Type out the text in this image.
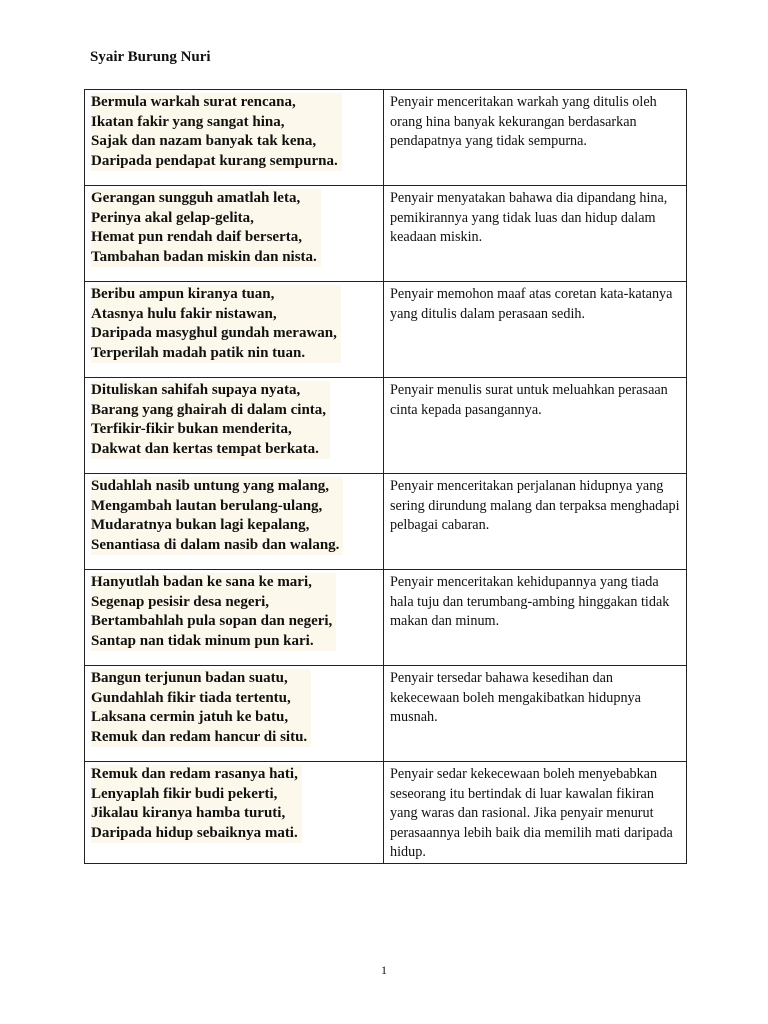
Syair Burung Nuri
Bermula warkah surat rencana,
Ikatan fakir yang sangat hina,
Sajak dan nazam banyak tak kena,
Daripada pendapat kurang sempurna.	Penyair menceritakan warkah yang ditulis oleh orang hina banyak kekurangan berdasarkan pendapatnya yang tidak sempurna.

Gerangan sungguh amatlah leta,
Perinya akal gelap-gelita,
Hemat pun rendah daif berserta,
Tambahan badan miskin dan nista.	Penyair menyatakan bahawa dia dipandang hina, pemikirannya yang tidak luas dan hidup dalam keadaan miskin.

Beribu ampun kiranya tuan,
Atasnya hulu fakir nistawan,
Daripada masyghul gundah merawan,
Terperilah madah patik nin tuan.	Penyair memohon maaf atas coretan kata-katanya yang ditulis dalam perasaan sedih.

Dituliskan sahifah supaya nyata,
Barang yang ghairah di dalam cinta,
Terfikir-fikir bukan menderita,
Dakwat dan kertas tempat berkata.	Penyair menulis surat untuk meluahkan perasaan cinta kepada pasangannya.

Sudahlah nasib untung yang malang,
Mengambah lautan berulang-ulang,
Mudaratnya bukan lagi kepalang,
Senantiasa di dalam nasib dan walang.	Penyair menceritakan perjalanan hidupnya yang sering dirundung malang dan terpaksa menghadapi pelbagai cabaran.

Hanyutlah badan ke sana ke mari,
Segenap pesisir desa negeri,
Bertambahlah pula sopan dan negeri,
Santap nan tidak minum pun kari.	Penyair menceritakan kehidupannya yang tiada hala tuju dan terumbang-ambing hinggakan tidak makan dan minum.

Bangun terjunun badan suatu,
Gundahlah fikir tiada tertentu,
Laksana cermin jatuh ke batu,
Remuk dan redam hancur di situ.	Penyair tersedar bahawa kesedihan dan kekecewaan boleh mengakibatkan hidupnya musnah.

Remuk dan redam rasanya hati,
Lenyaplah fikir budi pekerti,
Jikalau kiranya hamba turuti,
Daripada hidup sebaiknya mati.	Penyair sedar kekecewaan boleh menyebabkan seseorang itu bertindak di luar kawalan fikiran yang waras dan rasional. Jika penyair menurut perasaannya lebih baik dia memilih mati daripada hidup.

1
